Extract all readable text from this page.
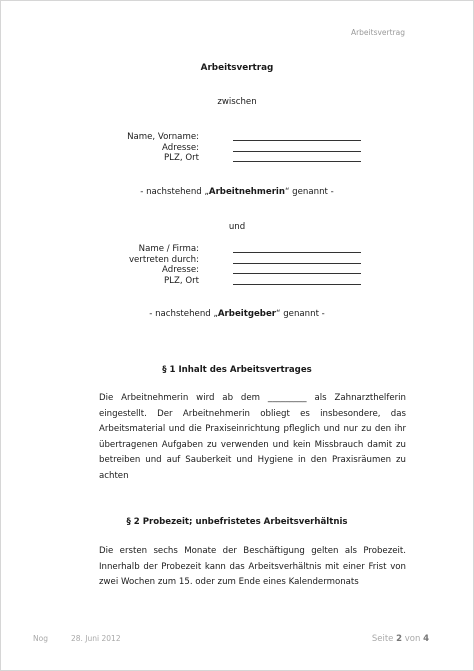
Arbeitsvertrag
Arbeitsvertrag
zwischen
Name, Vorname:
Adresse:
PLZ, Ort
- nachstehend „Arbeitnehmerin“ genannt -
und
Name / Firma:
vertreten durch:
Adresse:
PLZ, Ort
- nachstehend „Arbeitgeber“ genannt -
§ 1 Inhalt des Arbeitsvertrages
Die Arbeitnehmerin wird ab dem _________ als Zahnarzthelferin eingestellt. Der Arbeitnehmerin obliegt es insbesondere, das Arbeitsmaterial und die Praxiseinrichtung pfleglich und nur zu den ihr übertragenen Aufgaben zu verwenden und kein Missbrauch damit zu betreiben und auf Sauberkeit und Hygiene in den Praxisräumen zu achten
§ 2 Probezeit; unbefristetes Arbeitsverhältnis
Die ersten sechs Monate der Beschäftigung gelten als Probezeit. Innerhalb der Probezeit kann das Arbeitsverhältnis mit einer Frist von zwei Wochen zum 15. oder zum Ende eines Kalendermonats
Nog	28. Juni 2012	Seite 2 von 4
